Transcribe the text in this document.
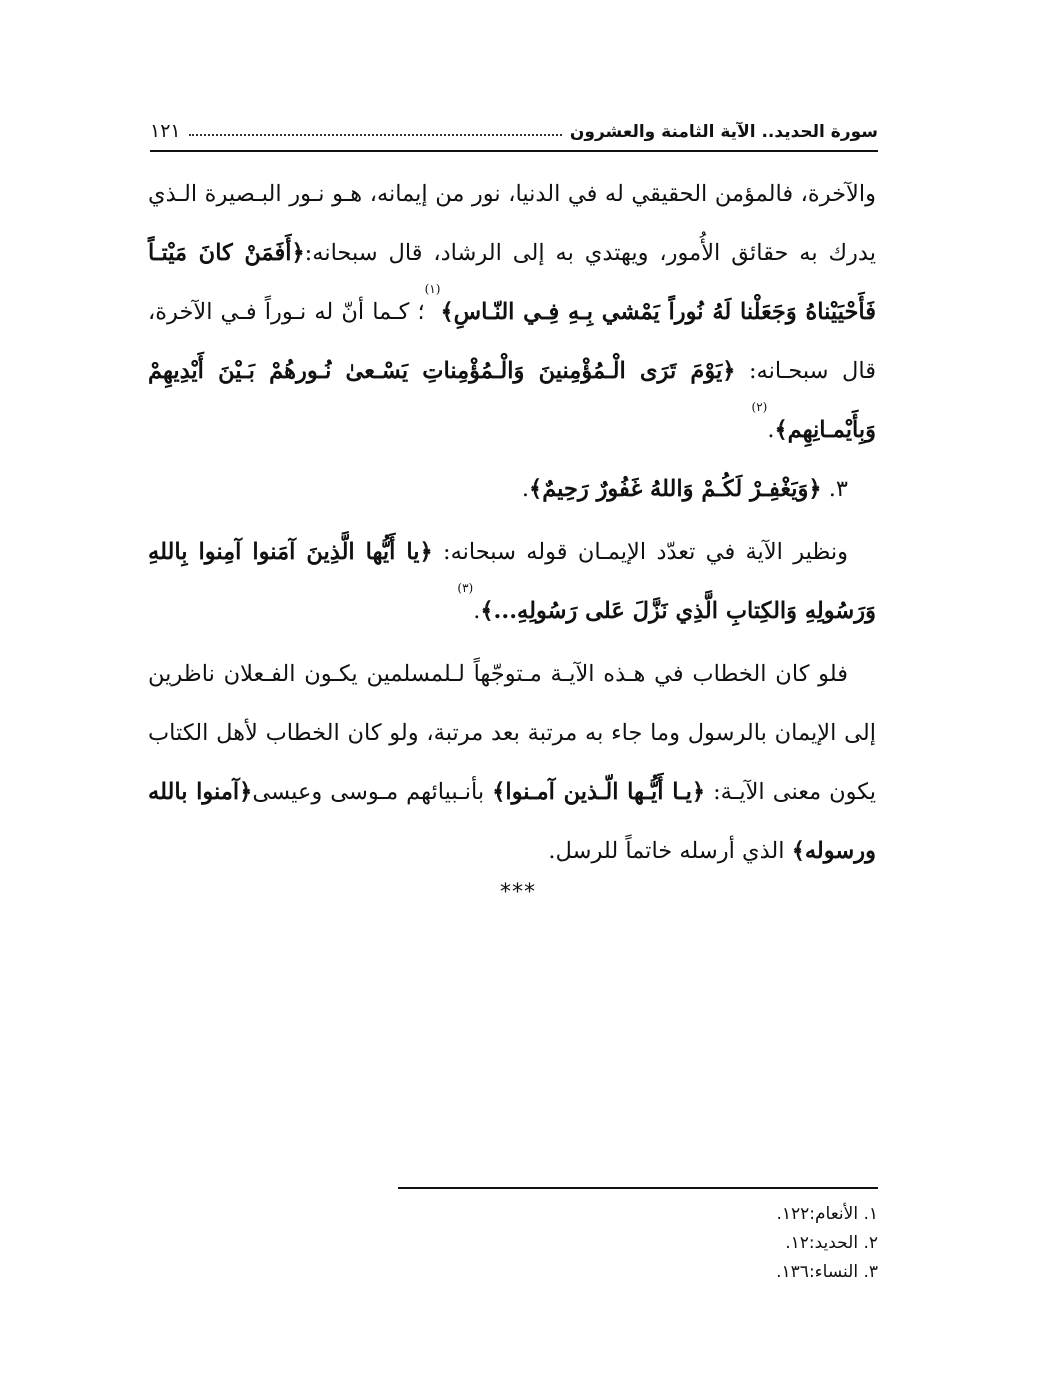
سورة الحديد.. الآية الثامنة والعشرون
١٢١

والآخرة، فالمؤمن الحقيقي له في الدنيا، نور من إيمانه، هـو نـور البـصيرة الـذي يدرك به حقائق الأُمور، ويهتدي به إلى الرشاد، قال سبحانه:﴿أَفَمَنْ كانَ مَيْتـاً فَأَحْيَيْناهُ وَجَعَلْنا لَهُ نُوراً يَمْشي بِـهِ فِـي النّـاسِ﴾$^{(١)}$؛ كـما أنّ له نـوراً فـي الآخرة، قال سبحـانه: ﴿يَوْمَ تَرَى الْـمُؤْمِنينَ وَالْـمُؤْمِناتِ يَسْـعىٰ نُـورهُمْ بَـيْنَ أَيْدِيهِمْ وَبِأَيْمـانِهِم﴾.$^{(٢)}$

٣. ﴿وَيَغْفِـرْ لَكُـمْ وَاللهُ غَفُورٌ رَحِيمٌ﴾.

ونظير الآية في تعدّد الإيمـان قوله سبحانه: ﴿يا أَيُّها الَّذِينَ آمَنوا آمِنوا بِاللهِ وَرَسُولِهِ وَالكِتابِ الَّذِي نَزَّلَ عَلى رَسُولِهِ...﴾.$^{(٣)}$

فلو كان الخطاب في هـذه الآيـة مـتوجّهاً لـلمسلمين يكـون الفـعلان ناظرين إلى الإيمان بالرسول وما جاء به مرتبة بعد مرتبة، ولو كان الخطاب لأهل الكتاب يكون معنى الآيـة: ﴿يـا أَيُّـها الّـذين آمـنوا﴾ بأنـبيائهم مـوسى وعيسى﴿آمنوا بالله ورسوله﴾ الذي أرسله خاتماً للرسل.

***
١. الأنعام:١٢٢.
٢. الحديد:١٢.
٣. النساء:١٣٦.
